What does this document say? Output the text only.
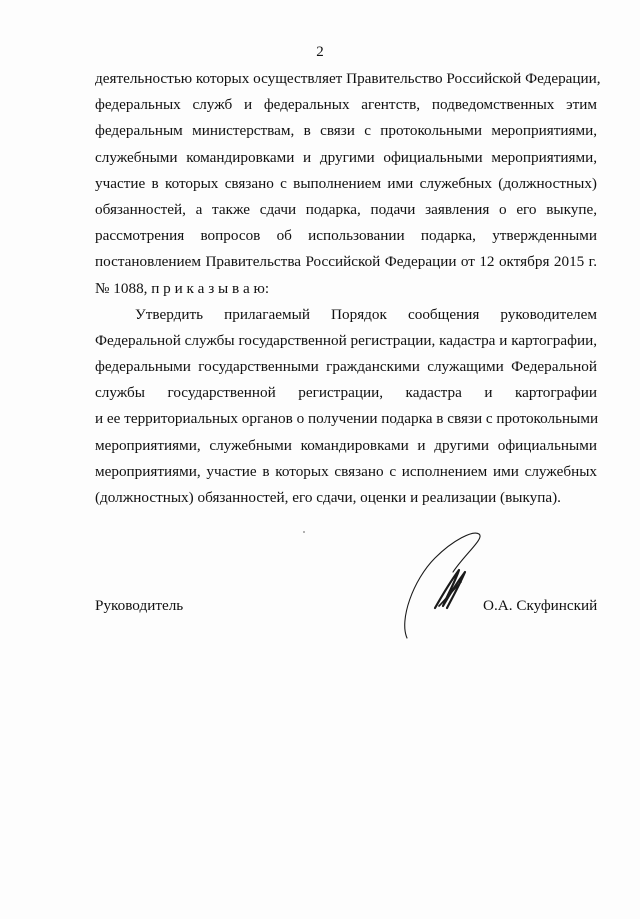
2
деятельностью которых осуществляет Правительство Российской Федерации,
федеральных служб и федеральных агентств, подведомственных этим
федеральным министерствам, в связи с протокольными мероприятиями,
служебными командировками и другими официальными мероприятиями,
участие в которых связано с выполнением ими служебных (должностных)
обязанностей, а также сдачи подарка, подачи заявления о его выкупе,
рассмотрения вопросов об использовании подарка, утвержденными
постановлением Правительства Российской Федерации от 12 октября 2015 г.
№ 1088, п р и к а з ы в а ю:
Утвердить прилагаемый Порядок сообщения руководителем
Федеральной службы государственной регистрации, кадастра и картографии,
федеральными государственными гражданскими служащими Федеральной
службы государственной регистрации, кадастра и картографии
и ее территориальных органов о получении подарка в связи с протокольными
мероприятиями, служебными командировками и другими официальными
мероприятиями, участие в которых связано с исполнением ими служебных
(должностных) обязанностей, его сдачи, оценки и реализации (выкупа).
Руководитель	О.А. Скуфинский
